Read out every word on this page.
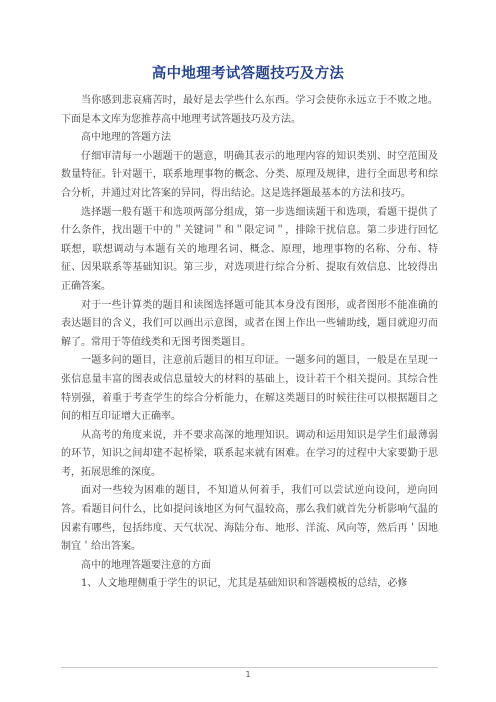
高中地理考试答题技巧及方法

当你感到悲哀痛苦时，最好是去学些什么东西。学习会使你永远立于不败之地。下面是本文库为您推荐高中地理考试答题技巧及方法。

高中地理的答题方法

仔细审清每一小题题干的题意，明确其表示的地理内容的知识类别、时空范围及数量特征。针对题干，联系地理事物的概念、分类、原理及规律，进行全面思考和综合分析，并通过对比答案的异同，得出结论。这是选择题最基本的方法和技巧。

选择题一般有题干和选项两部分组成，第一步选细读题干和选项，看题干提供了什么条件，找出题干中的＂关键词＂和＂限定词＂，排除干扰信息。第二步进行回忆联想，联想调动与本题有关的地理名词、概念、原理，地理事物的名称、分布、特征、因果联系等基础知识。第三步，对选项进行综合分析、提取有效信息、比较得出正确答案。

对于一些计算类的题目和读图选择题可能其本身没有图形，或者图形不能准确的表达题目的含义，我们可以画出示意图，或者在图上作出一些辅助线，题目就迎刃而解了。常用于等值线类和无图考图类题目。

一题多问的题目，注意前后题目的相互印证。一题多问的题目，一般是在呈现一张信息量丰富的图表或信息量较大的材料的基础上，设计若干个相关提问。其综合性特别强，着重于考查学生的综合分析能力，在解这类题目的时候往往可以根据题目之间的相互印证增大正确率。

从高考的角度来说，并不要求高深的地理知识。调动和运用知识是学生们最薄弱的环节，知识之间却建不起桥梁，联系起来就有困难。在学习的过程中大家要勤于思考，拓展思维的深度。

面对一些较为困难的题目，不知道从何着手，我们可以尝试逆向设问，逆向回答。看题目问什么，比如提问该地区为何气温较高，那么我们就首先分析影响气温的因素有哪些，包括纬度、天气状况、海陆分布、地形、洋流、风向等，然后再＇因地制宜＇给出答案。

高中的地理答题要注意的方面

1、人文地理侧重于学生的识记，尤其是基础知识和答题模板的总结，必修

1
